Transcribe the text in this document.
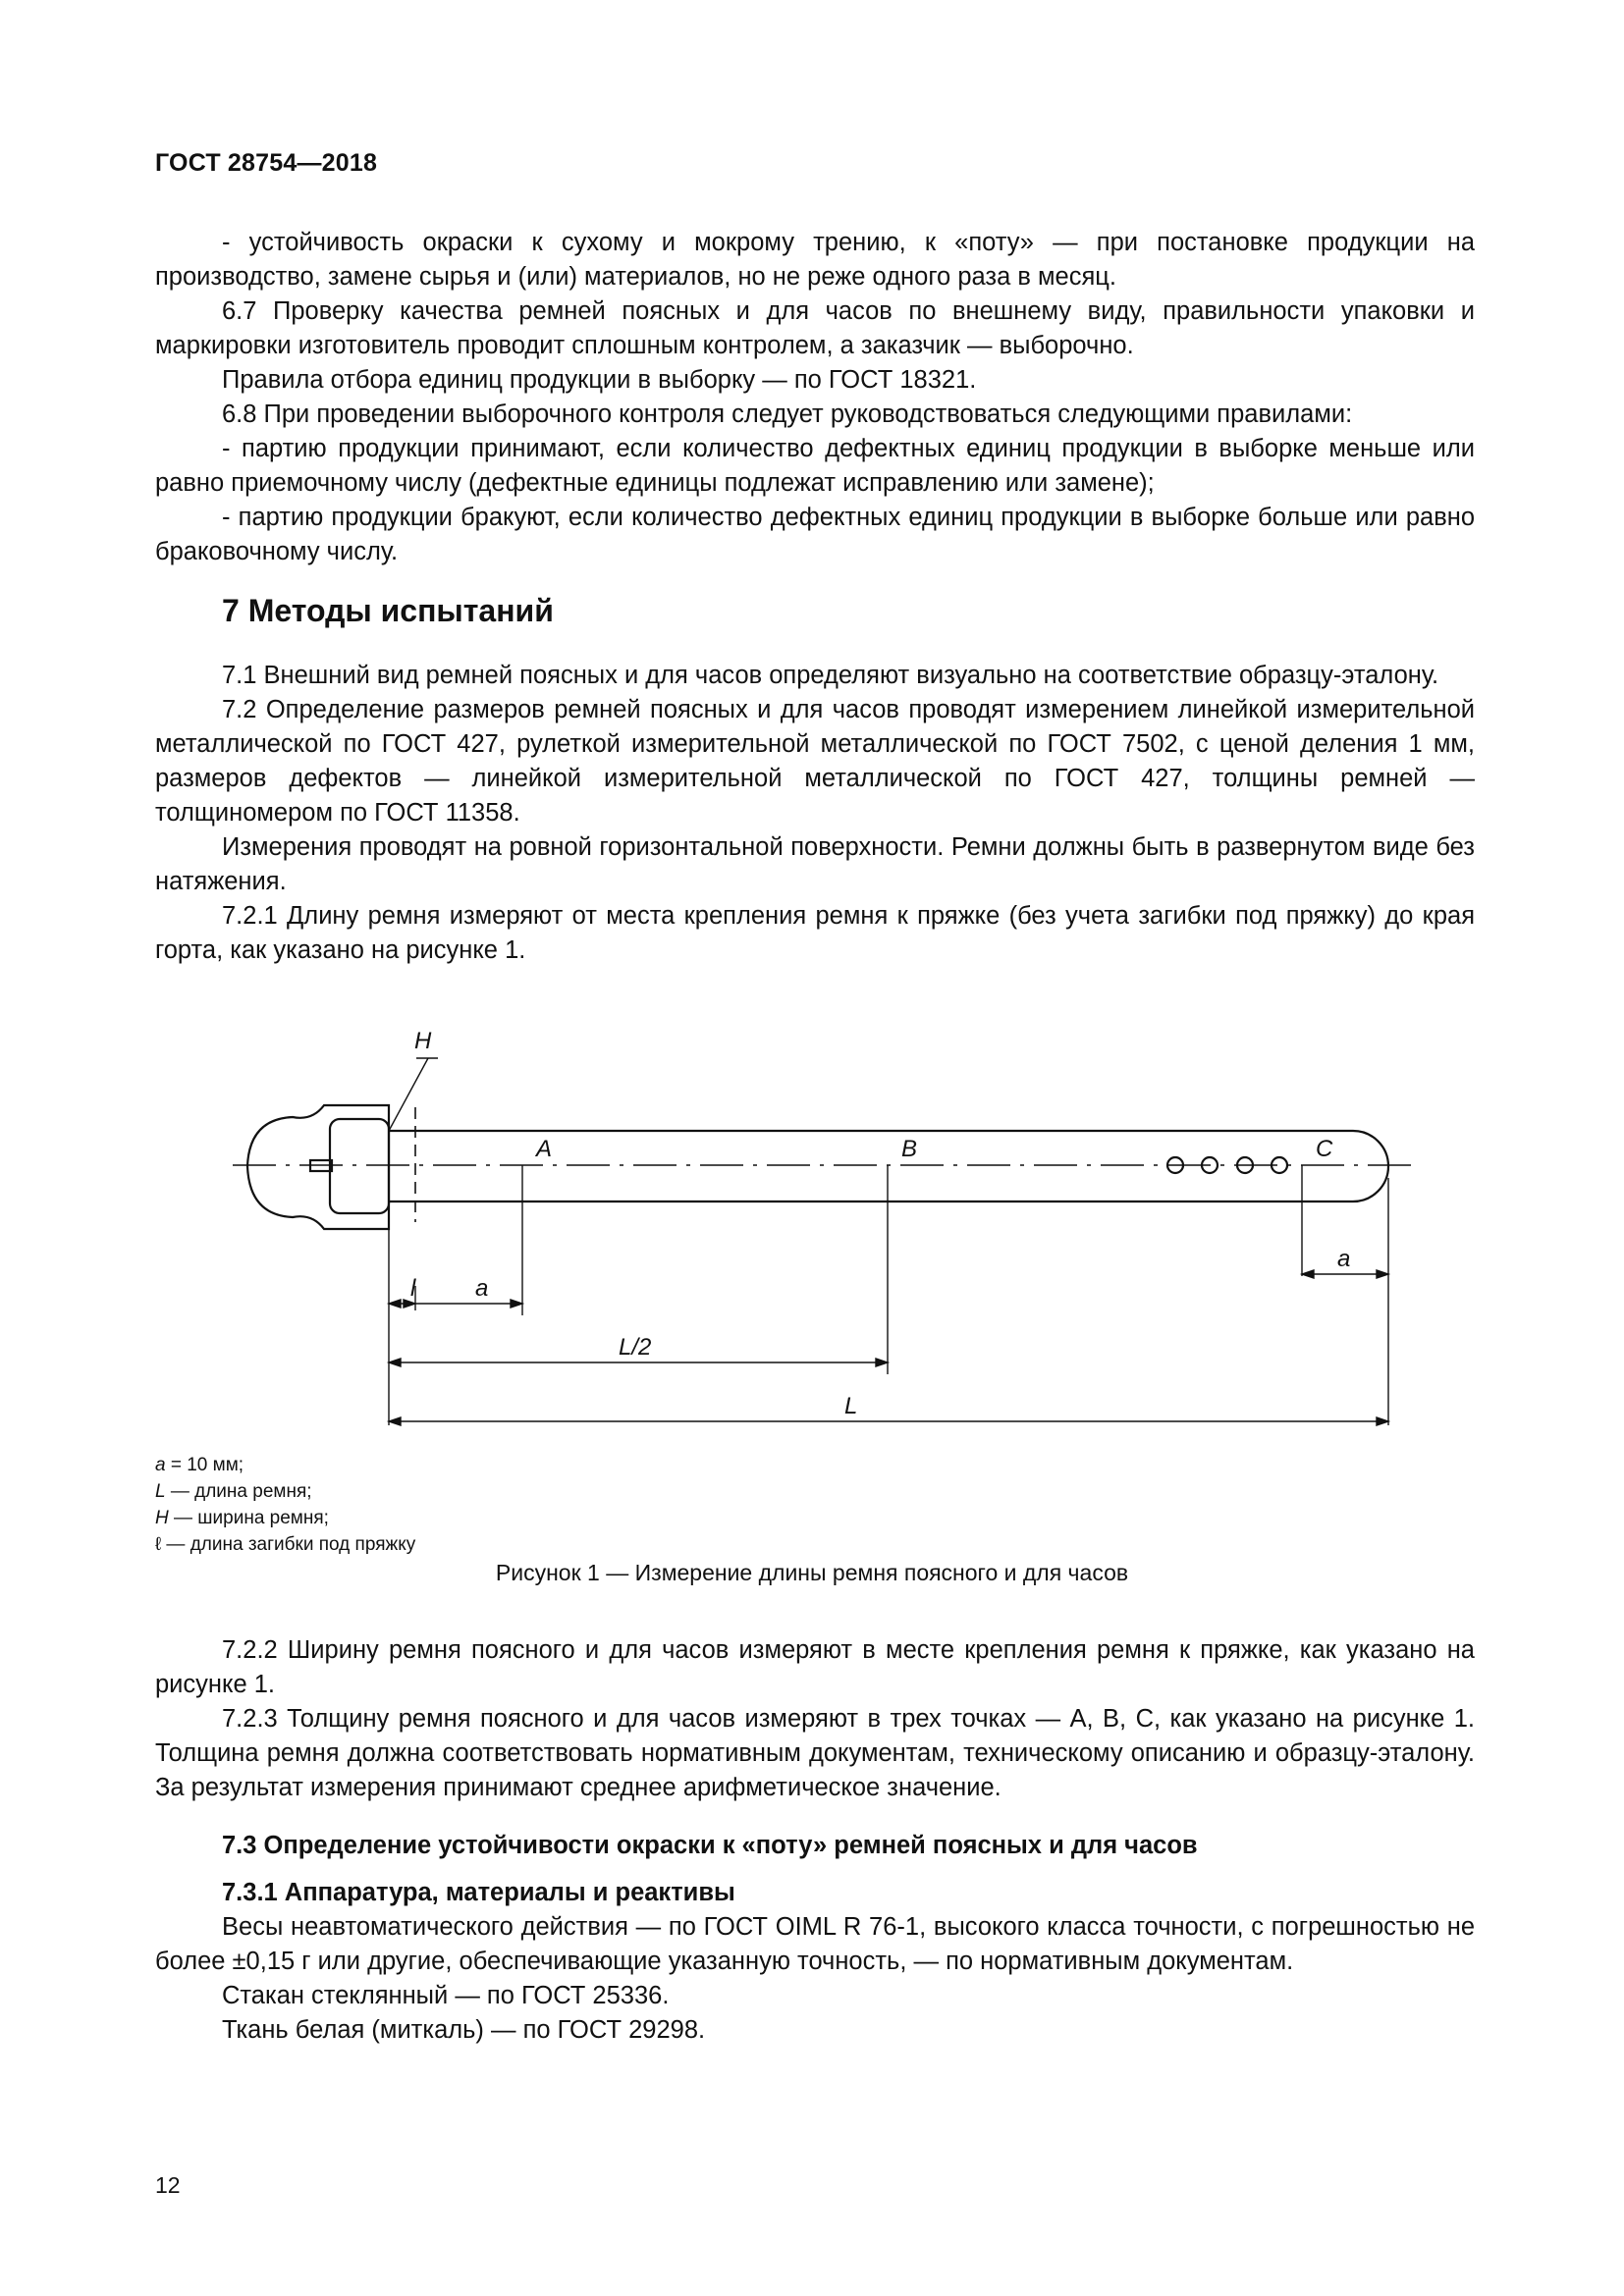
ГОСТ 28754—2018

- устойчивость окраски к сухому и мокрому трению, к «поту» — при постановке продукции на производство, замене сырья и (или) материалов, но не реже одного раза в месяц.

6.7 Проверку качества ремней поясных и для часов по внешнему виду, правильности упаковки и маркировки изготовитель проводит сплошным контролем, а заказчик — выборочно.

Правила отбора единиц продукции в выборку — по ГОСТ 18321.

6.8 При проведении выборочного контроля следует руководствоваться следующими правилами:

- партию продукции принимают, если количество дефектных единиц продукции в выборке меньше или равно приемочному числу (дефектные единицы подлежат исправлению или замене);

- партию продукции бракуют, если количество дефектных единиц продукции в выборке больше или равно браковочному числу.

7 Методы испытаний

7.1 Внешний вид ремней поясных и для часов определяют визуально на соответствие образцу-эталону.

7.2 Определение размеров ремней поясных и для часов проводят измерением линейкой измерительной металлической по ГОСТ 427, рулеткой измерительной металлической по ГОСТ 7502, с ценой деления 1 мм, размеров дефектов — линейкой измерительной металлической по ГОСТ 427, толщины ремней — толщиномером по ГОСТ 11358.

Измерения проводят на ровной горизонтальной поверхности. Ремни должны быть в развернутом виде без натяжения.

7.2.1 Длину ремня измеряют от места крепления ремня к пряжке (без учета загибки под пряжку) до края горта, как указано на рисунке 1.

H
A	B	C
l	a
a
L/2
L
a = 10 мм;
L — длина ремня;
H — ширина ремня;
ℓ — длина загибки под пряжку
Рисунок 1 — Измерение длины ремня поясного и для часов

7.2.2 Ширину ремня поясного и для часов измеряют в месте крепления ремня к пряжке, как указано на рисунке 1.

7.2.3 Толщину ремня поясного и для часов измеряют в трех точках — A, B, C, как указано на рисунке 1. Толщина ремня должна соответствовать нормативным документам, техническому описанию и образцу-эталону. За результат измерения принимают среднее арифметическое значение.

7.3 Определение устойчивости окраски к «поту» ремней поясных и для часов
7.3.1 Аппаратура, материалы и реактивы

Весы неавтоматического действия — по ГОСТ OIML R 76-1, высокого класса точности, с погрешностью не более ±0,15 г или другие, обеспечивающие указанную точность, — по нормативным документам.

Стакан стеклянный — по ГОСТ 25336.

Ткань белая (миткаль) — по ГОСТ 29298.

12
